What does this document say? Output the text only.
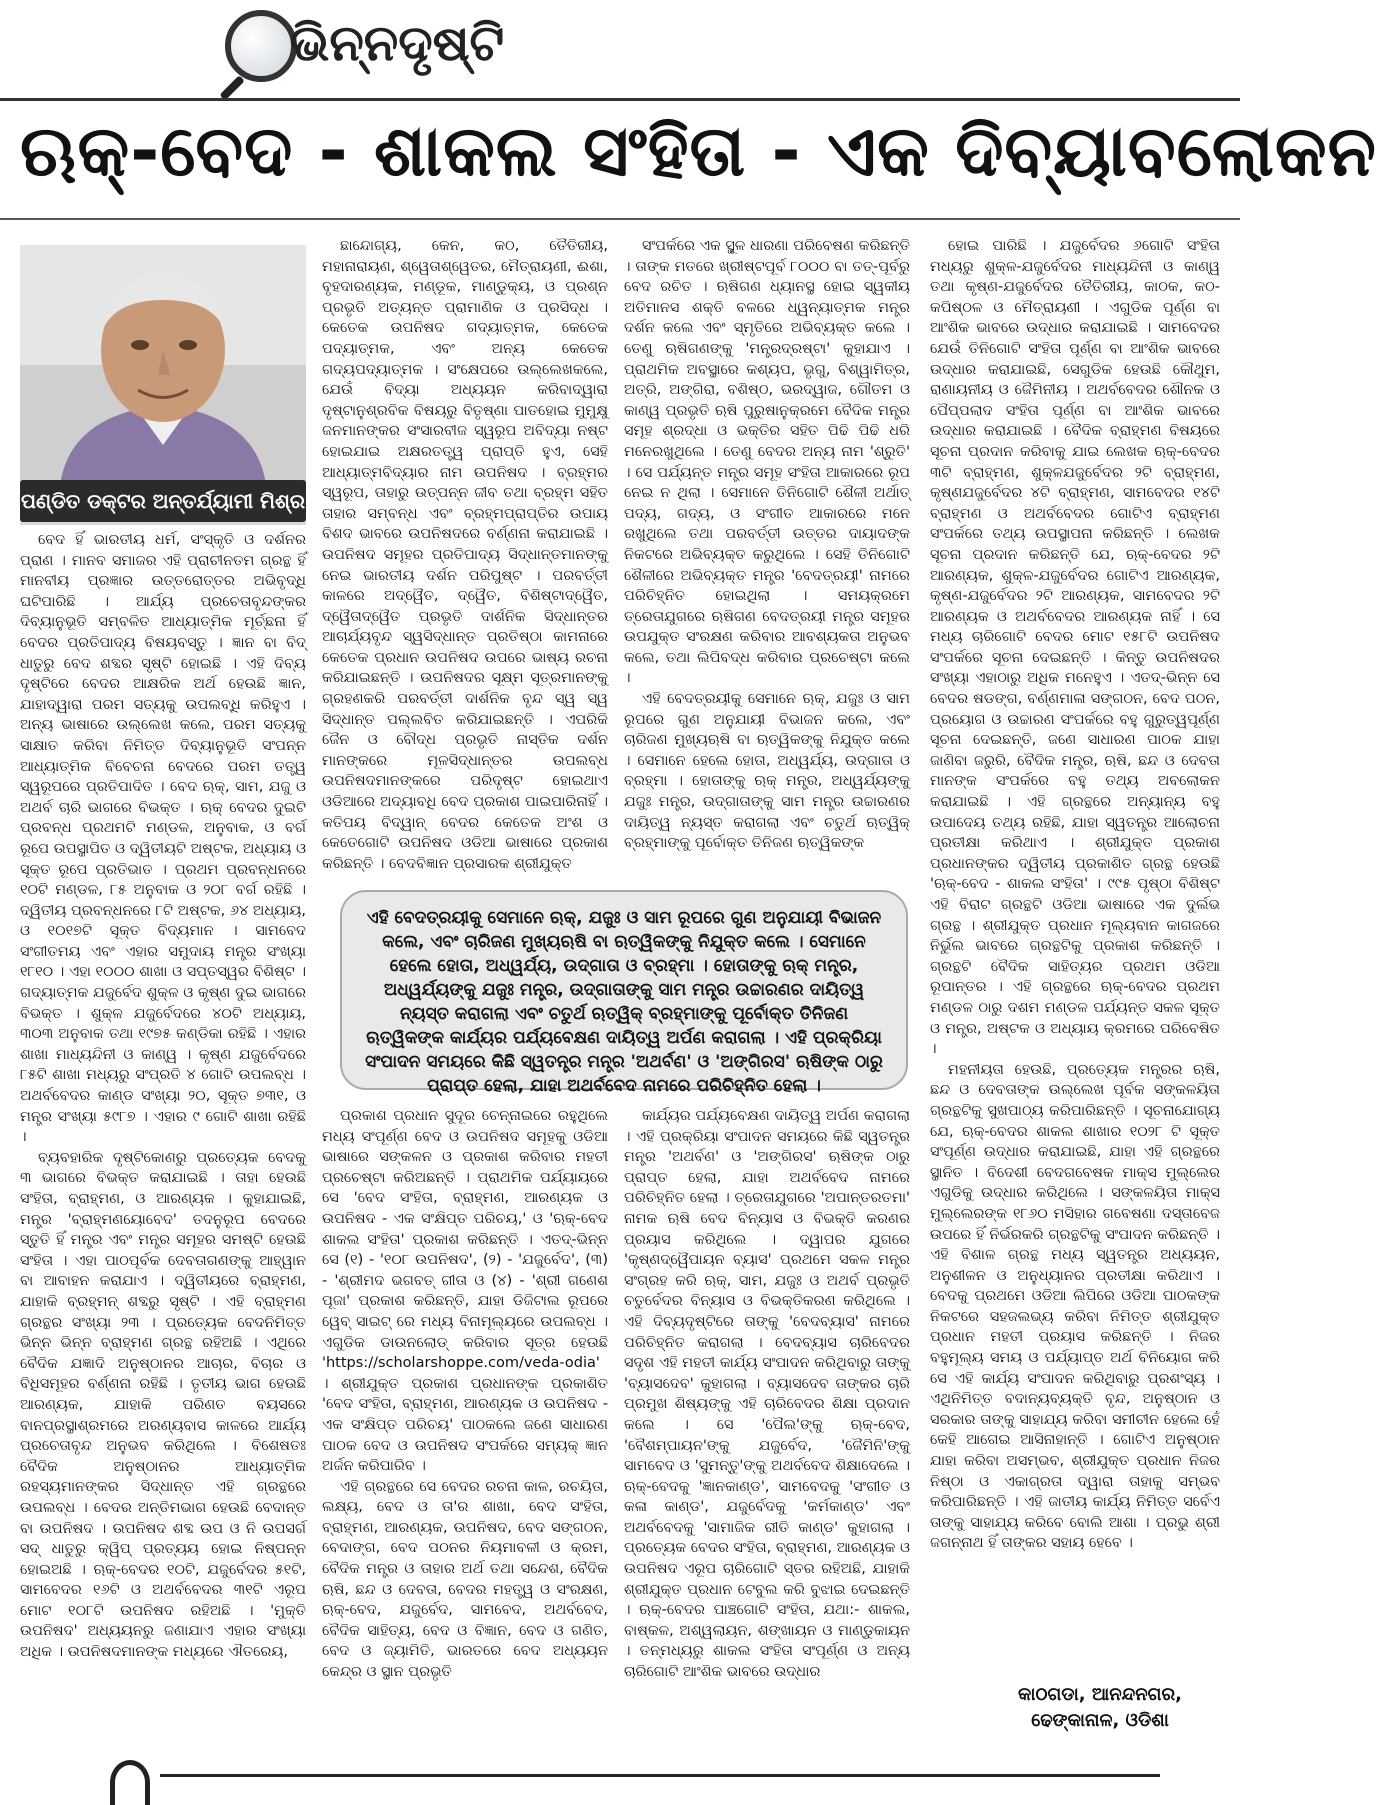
ଭିନ୍ନଦୃଷ୍ଟି
ଋକ୍-ବେଦ - ଶାକଲ ସଂହିତା - ଏକ ଦିବ୍ୟାବଲୋକନ
ପଣ୍ଡିତ ଡକ୍ଟର ଅନ୍ତର୍ଯ୍ୟାମୀ ମିଶ୍ର

ବେଦ ହିଁ ଭାରତୀୟ ଧର୍ମ, ସଂସ୍କୃତି ଓ ଦର୍ଶନର ପ୍ରାଣ । ମାନବ ସମାଜର ଏହି ପ୍ରାଚୀନତମ ଗ୍ରନ୍ଥ ହିଁ ମାନବୀୟ ପ୍ରଜ୍ଞାର ଉତ୍ତରୋତ୍ତର ଅଭିବୃଦ୍ଧି ଘଟିପାରିଛି । ଆର୍ଯ୍ୟ ପ୍ରଚେତାବୃନ୍ଦଙ୍କର ଦିବ୍ୟାନୁଭୂତି ସମ୍ବଳିତ ଆଧ୍ୟାତ୍ମିକ ମୂର୍ଚ୍ଛନା ହିଁ ବେଦର ପ୍ରତିପାଦ୍ୟ ବିଷୟବସ୍ତୁ । ଜ୍ଞାନ ବା ବିଦ୍ ଧାତୁରୁ ବେଦ ଶବ୍ଦର ସୃଷ୍ଟି ହୋଇଛି । ଏହି ଦିବ୍ୟ ଦୃଷ୍ଟିରେ ବେଦର ଆକ୍ଷରିକ ଅର୍ଥ ହେଉଛି ଜ୍ଞାନ, ଯାହାଦ୍ୱାରା ପରମ ସତ୍ୟକୁ ଉପଲବ୍ଧି କରିହୁଏ । ଅନ୍ୟ ଭାଷାରେ ଉଲ୍ଲେଖ କଲେ, ପରମ ସତ୍ୟକୁ ସାକ୍ଷାତ କରିବା ନିମିତ୍ତ ଦିବ୍ୟାନୁଭୂତି ସଂପନ୍ନ ଆଧ୍ୟାତ୍ମିକ ବିବେଚନା ବେଦରେ ପରମ ତତ୍ତ୍ୱ ସ୍ୱରୂପରେ ପ୍ରତିପାଦିତ । ବେଦ ଋକ୍, ସାମ, ଯଜୁ ଓ ଅଥର୍ବ ଚାରି ଭାଗରେ ବିଭକ୍ତ । ଋକ୍ ବେଦର ଦୁଇଟି ପ୍ରବନ୍ଧ ପ୍ରଥମଟି ମଣ୍ଡଳ, ଅନୁବାକ, ଓ ବର୍ଗ ରୂପେ ଉପସ୍ଥାପିତ ଓ ଦ୍ୱିତୀୟଟି ଅଷ୍ଟକ, ଅଧ୍ୟାୟ ଓ ସୂକ୍ତ ରୂପେ ପ୍ରତିଭାତ । ପ୍ରଥମ ପ୍ରବନ୍ଧନରେ ୧୦ଟି ମଣ୍ଡଳ, ୮୫ ଅନୁବାକ ଓ ୨୦୮ ବର୍ଗ ରହିଛି । ଦ୍ୱିତୀୟ ପ୍ରବନ୍ଧନରେ ୮ଟି ଅଷ୍ଟକ, ୬୪ ଅଧ୍ୟାୟ, ଓ ୧୦୧୭ଟି ସୂକ୍ତ ବିଦ୍ୟମାନ । ସାମବେଦ ସଂଗୀତମୟ ଏବଂ ଏହାର ସମୁଦାୟ ମନ୍ତ୍ର ସଂଖ୍ୟା ୧୮୧୦ । ଏହା ୧୦୦୦ ଶାଖା ଓ ସପ୍ତସ୍ୱର ବିଶିଷ୍ଟ । ଗଦ୍ୟାତ୍ମକ ଯଜୁର୍ବେଦ ଶୁକ୍ଳ ଓ କୃଷ୍ଣ ଦୁଇ ଭାଗରେ ବିଭକ୍ତ । ଶୁକ୍ଳ ଯଜୁର୍ବେଦରେ ୪୦ଟି ଅଧ୍ୟାୟ, ୩୦୩ ଅନୁବାକ ତଥା ୧୯୭୫ କଣ୍ଡିକା ରହିଛି । ଏହାର ଶାଖା ମାଧ୍ୟନ୍ଦିନୀ ଓ କାଣ୍ୱ । କୃଷ୍ଣ ଯଜୁର୍ବେଦରେ ୮୫ଟି ଶାଖା ମଧ୍ୟରୁ ସଂପ୍ରତି ୪ ଗୋଟି ଉପଲବ୍ଧ । ଅଥର୍ବବେଦର କାଣ୍ଡ ସଂଖ୍ୟା ୨୦, ସୂକ୍ତ ୭୩୧, ଓ ମନ୍ତ୍ର ସଂଖ୍ୟା ୫୯୮୭ । ଏହାର ୯ ଗୋଟି ଶାଖା ରହିଛି ।

ବ୍ୟବହାରିକ ଦୃଷ୍ଟିକୋଣରୁ ପ୍ରତ୍ୟେକ ବେଦକୁ ୩ ଭାଗରେ ବିଭକ୍ତ କରାଯାଇଛି । ତାହା ହେଉଛି ସଂହିତା, ବ୍ରାହ୍ମଣ, ଓ ଆରଣ୍ୟକ । କୁହାଯାଇଛି, ମନ୍ତ୍ର 'ବ୍ରାହ୍ମଣୟୋବେଦ' ତଦନୁରୂପ ବେଦରେ ସ୍ତୁତି ହିଁ ମନ୍ତ୍ର ଏବଂ ମନ୍ତ୍ର ସମୂହର ସମଷ୍ଟି ହେଉଛି ସଂହିତା । ଏହା ପାଠପୂର୍ବକ ଦେବତାଗଣଙ୍କୁ ଆହ୍ୱାନ ବା ଆବାହନ କରାଯାଏ । ଦ୍ୱିତୀୟରେ ବ୍ରାହ୍ମଣ, ଯାହାକି ବ୍ରହ୍ମନ୍ ଶବ୍ଦରୁ ସୃଷ୍ଟି । ଏହି ବ୍ରାହ୍ମଣ ଗ୍ରନ୍ଥର ସଂଖ୍ୟା ୨୩ । ପ୍ରତ୍ୟେକ ବେଦନିମିତ୍ତ ଭିନ୍ନ ଭିନ୍ନ ବ୍ରାହ୍ମଣ ଗ୍ରନ୍ଥ ରହିଅଛି । ଏଥିରେ ବୈଦିକ ଯଜ୍ଞାଦି ଅନୁଷ୍ଠାନର ଆଚାର, ବିଚାର ଓ ବିଧିସମୂହର ବର୍ଣ୍ଣନା ରହିଛି । ତୃତୀୟ ଭାଗ ହେଉଛି ଆରଣ୍ୟକ, ଯାହାକି ପରିଣତ ବୟସରେ ବାନପ୍ରସ୍ଥାଶ୍ରମରେ ଅରଣ୍ୟବାସ କାଳରେ ଆର୍ଯ୍ୟ ପ୍ରଚେତାବୃନ୍ଦ ଅନୁଭବ କରିଥିଲେ । ବିଶେଷତଃ ବୈଦିକ ଅନୁଷ୍ଠାନର ଆଧ୍ୟାତ୍ମିକ ରହସ୍ୟମାନଙ୍କର ସିଦ୍ଧାନ୍ତ ଏହି ଗ୍ରନ୍ଥରେ ଉପଲବ୍ଧ । ବେଦର ଅନ୍ତିମଭାଗ ହେଉଛି ବେଦାନ୍ତ ବା ଉପନିଷଦ । ଉପନିଷଦ ଶବ୍ଦ ଉପ ଓ ନି ଉପସର୍ଗ ସଦ୍ ଧାତୁରୁ କ୍ୱିପ୍ ପ୍ରତ୍ୟୟ ହୋଇ ନିଷ୍ପନ୍ନ ହୋଇଅଛି । ଋକ୍-ବେଦର ୧୦ଟି, ଯଜୁର୍ବେଦର ୫୧ଟି, ସାମବେଦର ୧୬ଟି ଓ ଅଥର୍ବବେଦର ୩୧ଟି ଏରୂପ ମୋଟ ୧୦୮ଟି ଉପନିଷଦ ରହିଅଛି । 'ମୁକ୍ତି ଉପନିଷଦ' ଅଧ୍ୟୟନରୁ ଜଣାଯାଏ ଏହାର ସଂଖ୍ୟା ଅଧିକ । ଉପନିଷଦମାନଙ୍କ ମଧ୍ୟରେ ଐତରେୟ,

ଛାନ୍ଦୋଗ୍ୟ, କେନ, କଠ, ତୈତିରୀୟ, ମହାନାରାୟଣ, ଶ୍ୱେତାଶ୍ୱେତର, ମୈତ୍ରାୟଣୀ, ଈଶା, ବୃହଦାରଣ୍ୟକ, ମଣ୍ଡୂକ, ମାଣ୍ଡୁକ୍ୟ, ଓ ପ୍ରଶ୍ନ ପ୍ରଭୃତି ଅତ୍ୟନ୍ତ ପ୍ରାମାଣିକ ଓ ପ୍ରସିଦ୍ଧ । କେତେକ ଉପନିଷଦ ଗଦ୍ୟାତ୍ମକ, କେତେକ ପଦ୍ୟାତ୍ମକ, ଏବଂ ଅନ୍ୟ କେତେକ ଗଦ୍ୟପଦ୍ୟାତ୍ମକ । ସଂକ୍ଷେପରେ ଉଲ୍ଲେଖକଲେ, ଯେଉଁ ବିଦ୍ୟା ଅଧ୍ୟୟନ କରିବାଦ୍ୱାରା ଦୃଷ୍ଟାନୁଶ୍ରବିକ ବିଷୟରୁ ବିତୃଷ୍ଣା ପାତହୋଇ ମୁମୁକ୍ଷୁ ଜନମାନଙ୍କର ସଂସାରବୀଜ ସ୍ୱରୂପ ଅବିଦ୍ୟା ନଷ୍ଟ ହୋଇଯାଇ ଅକ୍ଷରତତ୍ତ୍ୱ ପ୍ରାପ୍ତି ହୁଏ, ସେହି ଆଧ୍ୟାତ୍ମବିଦ୍ୟାର ନାମ ଉପନିଷଦ । ବ୍ରହ୍ମର ସ୍ୱରୂପ, ତାହାରୁ ଉତ୍ପନ୍ନ ଜୀବ ତଥା ବ୍ରହ୍ମ ସହିତ ତାହାର ସମ୍ବନ୍ଧ ଏବଂ ବ୍ରହ୍ମପ୍ରାପ୍ତିର ଉପାୟ ବିଶଦ ଭାବରେ ଉପନିଷଦରେ ବର୍ଣ୍ଣନା କରାଯାଇଛି । ଉପନିଷଦ ସମୂହର ପ୍ରତିପାଦ୍ୟ ସିଦ୍ଧାନ୍ତମାନଙ୍କୁ ନେଇ ଭାରତୀୟ ଦର୍ଶନ ପରିପୁଷ୍ଟ । ପରବର୍ତ୍ତୀ କାଳରେ ଅଦ୍ୱୈତ, ଦ୍ୱୈତ, ବିଶିଷ୍ଟାଦ୍ୱୈତ, ଦ୍ୱୈତାଦ୍ୱୈତ ପ୍ରଭୃତି ଦାର୍ଶନିକ ସିଦ୍ଧାନ୍ତର ଆଚାର୍ଯ୍ୟବୃନ୍ଦ ସ୍ୱସିଦ୍ଧାନ୍ତ ପ୍ରତିଷ୍ଠା କାମନାରେ କେତେକ ପ୍ରଧାନ ଉପନିଷଦ ଉପରେ ଭାଷ୍ୟ ରଚନା କରିଯାଇଛନ୍ତି । ଉପନିଷଦର ସୂକ୍ଷ୍ମ ସୂତ୍ରମାନଙ୍କୁ ଗ୍ରହଣକରି ପରବର୍ତ୍ତୀ ଦାର୍ଶନିକ ବୃନ୍ଦ ସ୍ୱ ସ୍ୱ ସିଦ୍ଧାନ୍ତ ପଲ୍ଲବିତ କରିଯାଇଛନ୍ତି । ଏପରିକି ଜୈନ ଓ ବୌଦ୍ଧ ପ୍ରଭୃତି ନାସ୍ତିକ ଦର୍ଶନ ମାନଙ୍କରେ ମୂଳସିଦ୍ଧାନ୍ତର ଉପଲବ୍ଧ ଉପନିଷଦମାନଙ୍କରେ ପରିଦୃଷ୍ଟ ହୋଇଥାଏ ଓଡିଆରେ ଅଦ୍ୟାବଧି ବେଦ ପ୍ରକାଶ ପାଇପାରିନାହିଁ । କତିପୟ ବିଦ୍ୱାନ୍ ବେଦର କେତେକ ଅଂଶ ଓ କେତେଗୋଟି ଉପନିଷଦ ଓଡିଆ ଭାଷାରେ ପ୍ରକାଶ କରିଛନ୍ତି । ବେଦବିଜ୍ଞାନ ପ୍ରସାରକ ଶ୍ରୀଯୁକ୍ତ

ସଂପର୍କରେ ଏକ ସ୍ଥୂଳ ଧାରଣା ପରିବେଷଣ କରିଛନ୍ତି । ତାଙ୍କ ମତରେ ଖ୍ରୀଷ୍ଟପୂର୍ବ ୮୦୦୦ ବା ତତ୍-ପୂର୍ବରୁ ବେଦ ରଚିତ । ଋଷିଗଣ ଧ୍ୟାନସ୍ଥ ହୋଇ ସ୍ୱକୀୟ ଅତିମାନସ ଶକ୍ତି ବଳରେ ଧ୍ୱନ୍ୟାତ୍ମକ ମନ୍ତ୍ର ଦର୍ଶନ କଲେ ଏବଂ ସ୍ମୃତିରେ ଅଭିବ୍ୟକ୍ତ କଲେ । ତେଣୁ ଋଷିଗଣଙ୍କୁ 'ମନ୍ତ୍ରଦ୍ରଷ୍ଟା' କୁହାଯାଏ । ପ୍ରାଥମିକ ଅବସ୍ଥାରେ କଶ୍ୟପ, ଭୃଗୁ, ବିଶ୍ୱାମିତ୍ର, ଅତ୍ରି, ଅଙ୍ଗିରା, ବଶିଷ୍ଠ, ଭରଦ୍ୱାଜ, ଗୌତମ ଓ କାଣ୍ୱ ପ୍ରଭୃତି ଋଷି ପୁରୁଷାନୁକ୍ରମେ ବୈଦିକ ମନ୍ତ୍ର ସମୂହ ଶ୍ରଦ୍ଧା ଓ ଭକ୍ତିର ସହିତ ପିଢି ପିଢି ଧରି ମନେରଖୁଥିଲେ । ତେଣୁ ବେଦର ଅନ୍ୟ ନାମ 'ଶ୍ରୁତି' । ସେ ପର୍ଯ୍ୟନ୍ତ ମନ୍ତ୍ର ସମୂହ ସଂହିତା ଆକାରରେ ରୂପ ନେଇ ନ ଥିଲା । ସେମାନେ ତିନିଗୋଟି ଶୈଳୀ ଅର୍ଥାତ୍ ପଦ୍ୟ, ଗଦ୍ୟ, ଓ ସଂଗୀତ ଆକାରରେ ମନେ ରଖୁଥିଲେ ତଥା ପରବର୍ତ୍ତୀ ଉତ୍ତର ଦାୟାଦଙ୍କ ନିକଟରେ ଅଭିବ୍ୟକ୍ତ କରୁଥିଲେ । ସେହି ତିନିଗୋଟି ଶୈଳୀରେ ଅଭିବ୍ୟକ୍ତ ମନ୍ତ୍ର 'ବେଦତ୍ରୟୀ' ନାମରେ ପରିଚିହ୍ନିତ ହୋଇଥିଲା । ସମୟକ୍ରମେ ତ୍ରେତାଯୁଗରେ ଋଷିଗଣ ବେଦତ୍ରୟୀ ମନ୍ତ୍ର ସମୂହର ଉପଯୁକ୍ତ ସଂରକ୍ଷଣ କରିବାର ଆବଶ୍ୟକତା ଅନୁଭବ କଲେ, ତଥା ଲିପିବଦ୍ଧ କରିବାର ପ୍ରଚେଷ୍ଟା କଲେ ।

ଏହି ବେଦତ୍ରୟୀକୁ ସେମାନେ ଋକ୍, ଯଜୁଃ ଓ ସାମ ରୂପରେ ଗୁଣ ଅନୁଯାୟୀ ବିଭାଜନ କଲେ, ଏବଂ ଚାରିଜଣ ମୁଖ୍ୟଋଷି ବା ଋତ୍ୱିକଙ୍କୁ ନିଯୁକ୍ତ କଲେ । ସେମାନେ ହେଲେ ହୋତା, ଅଧ୍ୱର୍ଯ୍ୟ, ଉଦ୍ଗାତା ଓ ବ୍ରହ୍ମା । ହୋତାଙ୍କୁ ଋକ୍ ମନ୍ତ୍ର, ଅଧ୍ୱର୍ଯ୍ୟଙ୍କୁ ଯଜୁଃ ମନ୍ତ୍ର, ଉଦ୍ଗାତାଙ୍କୁ ସାମ ମନ୍ତ୍ର ଉଚ୍ଚାରଣର ଦାୟିତ୍ୱ ନ୍ୟସ୍ତ କରାଗଲା ଏବଂ ଚତୁର୍ଥ ଋତ୍ୱିକ୍ ବ୍ରହ୍ମାଙ୍କୁ ପୂର୍ବୋକ୍ତ ତିନିଜଣ ଋତ୍ୱିକଙ୍କ

ହୋଇ ପାରିଛି । ଯଜୁର୍ବେଦର ୬ଗୋଟି ସଂହିତା ମଧ୍ୟରୁ ଶୁକ୍ଳ-ଯଜୁର୍ବେଦର ମାଧ୍ୟନ୍ଦିନୀ ଓ କାଣ୍ୱ ତଥା କୃଷ୍ଣ-ଯଜୁର୍ବେଦର ତୈତିରୀୟ, କାଠକ, କଠ-କପିଷ୍ଠଳ ଓ ମୈତ୍ରାୟଣୀ । ଏଗୁଡିକ ପୂର୍ଣ୍ଣ ବା ଆଂଶିକ ଭାବରେ ଉଦ୍ଧାର କରାଯାଇଛି । ସାମବେଦର ଯେଉଁ ତିନିଗୋଟି ସଂହିତା ପୂର୍ଣ୍ଣ ବା ଆଂଶିକ ଭାବରେ ଉଦ୍ଧାର କରାଯାଇଛି, ସେଗୁଡିକ ହେଉଛି କୌଥୁମ, ରାଣାୟନୀୟ ଓ ଜୈମିନୀୟ । ଅଥର୍ବବେଦର ଶୌନକ ଓ ପୈପ୍ପଲାଦ ସଂହିତା ପୂର୍ଣ୍ଣ ବା ଆଂଶିକ ଭାବରେ ଉଦ୍ଧାର କରାଯାଇଛି । ବୈଦିକ ବ୍ରାହ୍ମଣ ବିଷୟରେ ସୂଚନା ପ୍ରଦାନ କରିବାକୁ ଯାଇ ଲେଖକ ଋକ୍-ବେଦର ୩ଟି ବ୍ରାହ୍ମଣ, ଶୁକ୍ଳଯଜୁର୍ବେଦର ୨ଟି ବ୍ରାହ୍ମଣ, କୃଷ୍ଣଯଜୁର୍ବେଦର ୪ଟି ବ୍ରାହ୍ମଣ, ସାମବେଦର ୧୪ଟି ବ୍ରାହ୍ମଣ ଓ ଅଥର୍ବବେଦର ଗୋଟିଏ ବ୍ରାହ୍ମଣ ସଂପର୍କରେ ତଥ୍ୟ ଉପସ୍ଥାପନା କରିଛନ୍ତି । ଲେଖକ ସୂଚନା ପ୍ରଦାନ କରିଛନ୍ତି ଯେ, ଋକ୍-ବେଦର ୨ଟି ଆରଣ୍ୟକ, ଶୁକ୍ଳ-ଯଜୁର୍ବେଦର ଗୋଟିଏ ଆରଣ୍ୟକ, କୃଷ୍ଣ-ଯଜୁର୍ବେଦର ୨ଟି ଆରଣ୍ୟକ, ସାମବେଦର ୨ଟି ଆରଣ୍ୟକ ଓ ଅଥର୍ବବେଦର ଆରଣ୍ୟକ ନାହିଁ । ସେ ମଧ୍ୟ ଚାରିଗୋଟି ବେଦର ମୋଟ ୧୫୮ଟି ଉପନିଷଦ ସଂପର୍କରେ ସୂଚନା ଦେଇଛନ୍ତି । କିନ୍ତୁ ଉପନିଷଦର ସଂଖ୍ୟା ଏହାଠାରୁ ଅଧିକ ମନେହୁଏ । ଏତଦ୍-ଭିନ୍ନ ସେ ବେଦର ଷଡଙ୍ଗ, ବର୍ଣ୍ଣମାଳା ସଙ୍ଗଠନ, ବେଦ ପଠନ, ପ୍ରୟୋଗ ଓ ଉଚ୍ଚାରଣ ସଂପର୍କରେ ବହୁ ଗୁରୁତ୍ୱପୂର୍ଣ୍ଣ ସୂଚନା ଦେଇଛନ୍ତି, ଜଣେ ସାଧାରଣ ପାଠକ ଯାହା ଜାଣିବା ଜରୁରି, ବୈଦିକ ମନ୍ତ୍ର, ଋଷି, ଛନ୍ଦ ଓ ଦେବତା ମାନଙ୍କ ସଂପର୍କରେ ବହୁ ତଥ୍ୟ ଅବଲୋକନ କରାଯାଇଛି । ଏହି ଗ୍ରନ୍ଥରେ ଅନ୍ୟାନ୍ୟ ବହୁ ଉପାଦେୟ ତଥ୍ୟ ରହିଛି, ଯାହା ସ୍ୱତନ୍ତ୍ର ଆଲୋଚନା ପ୍ରତୀକ୍ଷା କରିଥାଏ । ଶ୍ରୀଯୁକ୍ତ ପ୍ରକାଶ ପ୍ରଧାନଙ୍କର ଦ୍ୱିତୀୟ ପ୍ରକାଶିତ ଗ୍ରନ୍ଥ ହେଉଛି 'ଋକ୍-ବେଦ - ଶାକଲ ସଂହିତା' । ୯୯୫ ପୃଷ୍ଠା ବିଶିଷ୍ଟ ଏହି ବିରାଟ ଗ୍ରନ୍ଥଟି ଓଡିଆ ଭାଷାରେ ଏକ ଦୁର୍ଲଭ ଗ୍ରନ୍ଥ । ଶ୍ରୀଯୁକ୍ତ ପ୍ରଧାନ ମୂଲ୍ୟବାନ କାଗଜରେ ନିର୍ଭୁଲ ଭାବରେ ଗ୍ରନ୍ଥଟିକୁ ପ୍ରକାଶ କରିଛନ୍ତି । ଗ୍ରନ୍ଥଟି ବୈଦିକ ସାହିତ୍ୟର ପ୍ରଥମ ଓଡିଆ ରୂପାନ୍ତର । ଏହି ଗ୍ରନ୍ଥରେ ଋକ୍-ବେଦର ପ୍ରଥମ ମଣ୍ଡଳ ଠାରୁ ଦଶମ ମଣ୍ଡଳ ପର୍ଯ୍ୟନ୍ତ ସକଳ ସୂକ୍ତ ଓ ମନ୍ତ୍ର, ଅଷ୍ଟକ ଓ ଅଧ୍ୟାୟ କ୍ରମରେ ପରିବେଷିତ ।

ମହନୀୟତା ହେଉଛି, ପ୍ରତ୍ୟେକ ମନ୍ତ୍ରର ଋଷି, ଛନ୍ଦ ଓ ଦେବତାଙ୍କ ଉଲ୍ଲେଖ ପୂର୍ବକ ସଙ୍କଳୟିତା ଗ୍ରନ୍ଥଟିକୁ ସୁଖପାଠ୍ୟ କରିପାରିଛନ୍ତି । ସୂଚନାଯୋଗ୍ୟ ଯେ, ଋକ୍-ବେଦର ଶାକଲ ଶାଖାର ୧୦୨୮ ଟି ସୂକ୍ତ ସଂପୂର୍ଣ୍ଣ ଉଦ୍ଧାର କରାଯାଇଛି, ଯାହା ଏହି ଗ୍ରନ୍ଥରେ ସ୍ଥାନିତ । ବିଦେଶୀ ବେଦଗବେଷକ ମାକ୍ସ ମୁଲ୍ଲେର ଏଗୁଡିକୁ ଉଦ୍ଧାର କରିଥିଲେ । ସଙ୍କଳୟିତା ମାକ୍ସ ମୁଲ୍ଲେରଙ୍କ ୧୮୬୦ ମସିହାର ଗବେଷଣା ଦସ୍ତାବେଜ ଉପରେ ହିଁ ନିର୍ଭରକରି ଗ୍ରନ୍ଥଟିକୁ ସଂପାଦନ କରିଛନ୍ତି । ଏହି ବିଶାଳ ଗ୍ରନ୍ଥ ମଧ୍ୟ ସ୍ୱତନ୍ତ୍ର ଅଧ୍ୟୟନ, ଅନୁଶୀଳନ ଓ ଅନୁଧ୍ୟାନର ପ୍ରତୀକ୍ଷା କରିଥାଏ । ବେଦକୁ ପ୍ରଥମେ ଓଡିଆ ଲିପିରେ ଓଡିଆ ପାଠକଙ୍କ ନିକଟରେ ସହଜଲଭ୍ୟ କରିବା ନିମିତ୍ତ ଶ୍ରୀଯୁକ୍ତ ପ୍ରଧାନ ମହତୀ ପ୍ରୟାସ କରିଛନ୍ତି । ନିଜର ବହୁମୂଲ୍ୟ ସମୟ ଓ ପର୍ଯ୍ୟାପ୍ତ ଅର୍ଥ ବିନିୟୋଗ କରି ସେ ଏହି କାର୍ଯ୍ୟ ସଂପାଦନ କରିଥିବାରୁ ପ୍ରଶଂସ୍ୟ । ଏଥିନିମିତ୍ତ ବଦାନ୍ୟବ୍ୟକ୍ତି ବୃନ୍ଦ, ଅନୁଷ୍ଠାନ ଓ ସରକାର ତାଙ୍କୁ ସାହାଯ୍ୟ କରିବା ସମୀଚୀନ ହେଲେ ହେଁ କେହି ଆଗେଇ ଆସିନାହାନ୍ତି । ଗୋଟିଏ ଅନୁଷ୍ଠାନ ଯାହା କରିବା ଅସମ୍ଭବ, ଶ୍ରୀଯୁକ୍ତ ପ୍ରଧାନ ନିଜର ନିଷ୍ଠା ଓ ଏକାଗ୍ରତା ଦ୍ୱାରା ତାହାକୁ ସମ୍ଭବ କରିପାରିଛନ୍ତି । ଏହି ଜାତୀୟ କାର୍ଯ୍ୟ ନିମିତ୍ତ ସର୍ବେଏ ତାଙ୍କୁ ସାହାଯ୍ୟ କରିବେ ବୋଲି ଆଶା । ପ୍ରଭୁ ଶ୍ରୀ ଜଗନ୍ନାଥ ହିଁ ତାଙ୍କର ସହାୟ ହେବେ ।

ଏହି ବେଦତ୍ରୟୀକୁ ସେମାନେ ଋକ୍, ଯଜୁଃ ଓ ସାମ ରୂପରେ ଗୁଣ ଅନୁଯାୟୀ ବିଭାଜନ କଲେ, ଏବଂ ଚାରିଜଣ ମୁଖ୍ୟଋଷି ବା ଋତ୍ୱିକଙ୍କୁ ନିଯୁକ୍ତ କଲେ । ସେମାନେ ହେଲେ ହୋତା, ଅଧ୍ୱର୍ଯ୍ୟ, ଉଦ୍ଗାତା ଓ ବ୍ରହ୍ମା । ହୋତାଙ୍କୁ ଋକ୍ ମନ୍ତ୍ର, ଅଧ୍ୱର୍ଯ୍ୟଙ୍କୁ ଯଜୁଃ ମନ୍ତ୍ର, ଉଦ୍ଗାତାଙ୍କୁ ସାମ ମନ୍ତ୍ର ଉଚ୍ଚାରଣର ଦାୟିତ୍ୱ ନ୍ୟସ୍ତ କରାଗଲା ଏବଂ ଚତୁର୍ଥ ଋତ୍ୱିକ୍ ବ୍ରହ୍ମାଙ୍କୁ ପୂର୍ବୋକ୍ତ ତିନିଜଣ ଋତ୍ୱିକଙ୍କ କାର୍ଯ୍ୟର ପର୍ଯ୍ୟବେକ୍ଷଣ ଦାୟିତ୍ୱ ଅର୍ପଣ କରାଗଲା । ଏହି ପ୍ରକ୍ରିୟା ସଂପାଦନ ସମୟରେ କିଛି ସ୍ୱତନ୍ତ୍ର ମନ୍ତ୍ର 'ଅଥର୍ବଣ' ଓ 'ଅଙ୍ଗିରସ' ଋଷିଙ୍କ ଠାରୁ ପ୍ରାପ୍ତ ହେଲା, ଯାହା ଅଥର୍ବବେଦ ନାମରେ ପରିଚିହ୍ନିତ ହେଲା ।

ପ୍ରକାଶ ପ୍ରଧାନ ସୁଦୂର ଚେନ୍ନାଇରେ ରହୁଥିଲେ ମଧ୍ୟ ସଂପୂର୍ଣ୍ଣ ବେଦ ଓ ଉପନିଷଦ ସମୂହକୁ ଓଡିଆ ଭାଷାରେ ସଙ୍କଳନ ଓ ପ୍ରକାଶ କରିବାର ମହତୀ ପ୍ରଚେଷ୍ଟା କରିଅଛନ୍ତି । ପ୍ରାଥମିକ ପର୍ଯ୍ୟାୟରେ ସେ 'ବେଦ ସଂହିତା, ବ୍ରାହ୍ମଣ, ଆରଣ୍ୟକ ଓ ଉପନିଷଦ - ଏକ ସଂକ୍ଷିପ୍ତ ପରିଚୟ,' ଓ 'ଋକ୍-ବେଦ ଶାକଲ ସଂହିତା' ପ୍ରକାଶ କରିଛନ୍ତି । ଏତଦ୍-ଭିନ୍ନ ସେ (୧) - '୧୦୮ ଉପନିଷଦ', (୨) - 'ଯଜୁର୍ବେଦ', (୩) - 'ଶ୍ରୀମଦ ଭଗବତ୍ ଗୀତା ଓ (୪) - 'ଶ୍ରୀ ଗଣେଶ ପୂଜା' ପ୍ରକାଶ କରିଛନ୍ତି, ଯାହା ଡିଜିଟାଲ ରୂପରେ ୱେବ୍ ସାଇଟ୍ ରେ ମଧ୍ୟ ବିନାମୂଲ୍ୟରେ ଉପଲବ୍ଧ । ଏଗୁଡିକ ଡାଉନଲୋଡ୍ କରିବାର ସୂତ୍ର ହେଉଛି 'https://scholarshoppe.com/veda-odia' । ଶ୍ରୀଯୁକ୍ତ ପ୍ରକାଶ ପ୍ରଧାନଙ୍କ ପ୍ରକାଶିତ 'ବେଦ ସଂହିତା, ବ୍ରାହ୍ମଣ, ଆରଣ୍ୟକ ଓ ଉପନିଷଦ - ଏକ ସଂକ୍ଷିପ୍ତ ପରିଚୟ' ପାଠକଲେ ଜଣେ ସାଧାରଣ ପାଠକ ବେଦ ଓ ଉପନିଷଦ ସଂପର୍କରେ ସମ୍ୟକ୍ ଜ୍ଞାନ ଅର୍ଜନ କରିପାରିବ ।

ଏହି ଗ୍ରନ୍ଥରେ ସେ ବେଦର ରଚନା କାଳ, ରଚୟିତା, ଲକ୍ଷ୍ୟ, ବେଦ ଓ ତା'ର ଶାଖା, ବେଦ ସଂହିତା, ବ୍ରାହ୍ମଣ, ଆରଣ୍ୟକ, ଉପନିଷଦ, ବେଦ ସଙ୍ଗଠନ, ବେଦାଙ୍ଗ, ବେଦ ପଠନର ନିୟମାବଳୀ ଓ କ୍ରମ, ବୈଦିକ ମନ୍ତ୍ର ଓ ତାହାର ଅର୍ଥ ତଥା ସନ୍ଦେଶ, ବୈଦିକ ଋଷି, ଛନ୍ଦ ଓ ଦେବତା, ବେଦର ମହତ୍ତ୍ୱ ଓ ସଂରକ୍ଷଣ, ଋକ୍-ବେଦ, ଯଜୁର୍ବେଦ, ସାମବେଦ, ଅଥର୍ବବେଦ, ବୈଦିକ ସାହିତ୍ୟ, ବେଦ ଓ ବିଜ୍ଞାନ, ବେଦ ଓ ଗଣିତ, ବେଦ ଓ ଜ୍ୟାମିତି, ଭାରତରେ ବେଦ ଅଧ୍ୟୟନ କେନ୍ଦ୍ର ଓ ସ୍ଥାନ ପ୍ରଭୃତି

କାର୍ଯ୍ୟର ପର୍ଯ୍ୟବେକ୍ଷଣ ଦାୟିତ୍ୱ ଅର୍ପଣ କରାଗଲା । ଏହି ପ୍ରକ୍ରିୟା ସଂପାଦନ ସମୟରେ କିଛି ସ୍ୱତନ୍ତ୍ର ମନ୍ତ୍ର 'ଅଥର୍ବଣ' ଓ 'ଅଙ୍ଗିରସ' ଋଷିଙ୍କ ଠାରୁ ପ୍ରାପ୍ତ ହେଲା, ଯାହା ଅଥର୍ବବେଦ ନାମରେ ପରିଚିହ୍ନିତ ହେଲା । ତ୍ରେତାଯୁଗରେ 'ଅପାନ୍ତରତମା' ନାମକ ଋଷି ବେଦ ବିନ୍ୟାସ ଓ ବିଭକ୍ତି କରଣର ପ୍ରୟାସ କରିଥିଲେ । ଦ୍ୱାପର ଯୁଗରେ 'କୃଷ୍ଣଦ୍ୱୈପାୟନ ବ୍ୟାସ' ପ୍ରଥମେ ସକଳ ମନ୍ତ୍ର ସଂଗ୍ରହ କରି ଋକ୍, ସାମ, ଯଜୁଃ ଓ ଅଥର୍ବ ପ୍ରଭୃତି ଚତୁର୍ବେଦର ବିନ୍ୟାସ ଓ ବିଭକ୍ତିକରଣ କରିଥିଲେ । ଏହି ଦିବ୍ୟଦୃଷ୍ଟିରେ ତାଙ୍କୁ 'ବେଦବ୍ୟାସ' ନାମରେ ପରିଚିହ୍ନିତ କରାଗଲା । ବେଦବ୍ୟାସ ଚାରିବେଦର ସଦୃଶ ଏହି ମହତୀ କାର୍ଯ୍ୟ ସଂପାଦନ କରିଥିବାରୁ ତାଙ୍କୁ 'ବ୍ୟାସଦେବ' କୁହାଗଲା । ବ୍ୟାସଦେବ ତାଙ୍କର ଚାରି ପ୍ରମୁଖ ଶିଷ୍ୟଙ୍କୁ ଏହି ଚାରିବେଦର ଶିକ୍ଷା ପ୍ରଦାନ କଲେ । ସେ 'ପୈଲ'ଙ୍କୁ ଋକ୍-ବେଦ, 'ବୈଶମ୍ପାୟନ'ଙ୍କୁ ଯଜୁର୍ବେଦ, 'ଜୈମିନି'ଙ୍କୁ ସାମବେଦ ଓ 'ସୁମନ୍ତୁ'ଙ୍କୁ ଅଥର୍ବବେଦ ଶିକ୍ଷାଦେଲେ । ଋକ୍-ବେଦକୁ 'ଜ୍ଞାନକାଣ୍ଡ', ସାମବେଦକୁ 'ସଂଗୀତ ଓ କଳା କାଣ୍ଡ', ଯଜୁର୍ବେଦକୁ 'କର୍ମକାଣ୍ଡ' ଏବଂ ଅଥର୍ବବେଦକୁ 'ସାମାଜିକ ରୀତି କାଣ୍ଡ' କୁହାଗଲା । ପ୍ରତ୍ୟେକ ବେଦର ସଂହିତା, ବ୍ରାହ୍ମଣ, ଆରଣ୍ୟକ ଓ ଉପନିଷଦ ଏରୂପ ଚାରିଗୋଟି ସ୍ତର ରହିଅଛି, ଯାହାକି ଶ୍ରୀଯୁକ୍ତ ପ୍ରଧାନ ଟେବୁଲ କରି ବୁଝାଇ ଦେଇଛନ୍ତି । ଋକ୍-ବେଦର ପାଞ୍ଚଗୋଟି ସଂହିତା, ଯଥା:- ଶାକଲ, ବାଷ୍କଳ, ଅଶ୍ୱଲାୟନ, ଶଙ୍ଖାୟନ ଓ ମାଣ୍ଡୁକାୟନ । ତନ୍ମଧ୍ୟରୁ ଶାକଲ ସଂହିତା ସଂପୂର୍ଣ୍ଣ ଓ ଅନ୍ୟ ଚାରିଗୋଟି ଆଂଶିକ ଭାବରେ ଉଦ୍ଧାର

କାଠଗଡା, ଆନନ୍ଦନଗର,
ଢେଙ୍କାନାଳ, ଓଡିଶା
